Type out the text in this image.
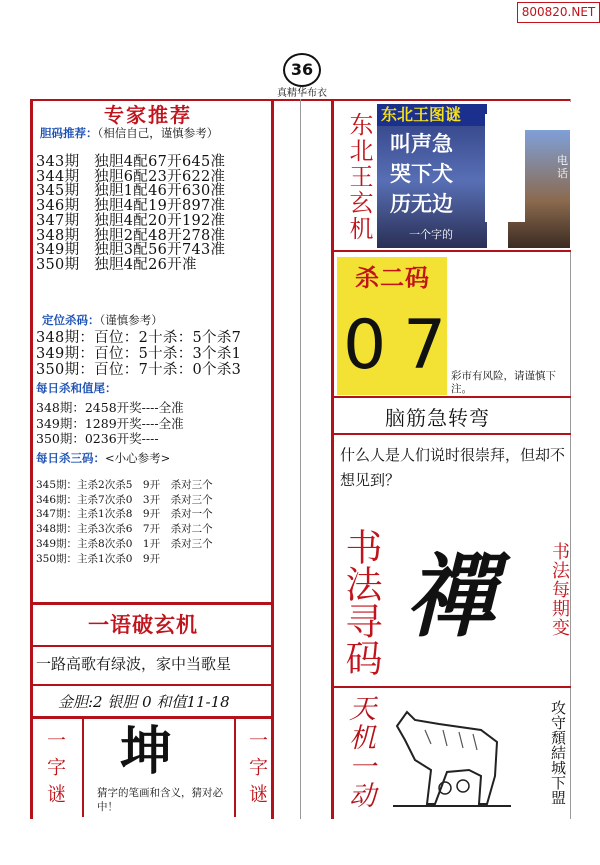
800820.NET
36
真精华布衣
专家推荐
胆码推荐：（相信自己，谨慎参考）
343期　独胆4配67开645准
344期　独胆6配23开622准
345期　独胆1配46开630准
346期　独胆4配19开897准
347期　独胆4配20开192准
348期　独胆2配48开278准
349期　独胆3配56开743准
350期　独胆4配26开准
定位杀码：（谨慎参考）
348期：百位：2十杀：5个杀7
349期：百位：5十杀：3个杀1
350期：百位：7十杀：0个杀3
每日杀和值尾：
348期：2458开奖----全准
349期：1289开奖----全准
350期：0236开奖----
每日杀三码：<小心参考>
345期：主杀2次杀5　9开　杀对三个
346期：主杀7次杀0　3开　杀对三个
347期：主杀1次杀8　9开　杀对一个
348期：主杀3次杀6　7开　杀对二个
349期：主杀8次杀0　1开　杀对三个
350期：主杀1次杀0　9开
一语破玄机
一路高歌有绿波，家中当歌星
金胆:2 银胆 0 和值11-18
一字谜 坤
猜字的笔画和含义，猜对必中！	一字谜
东北王玄机 东北王图谜
叫声急
哭下犬
历无边
一个字的
电话
杀二码
0 7 彩市有风险，请谨慎下注。
脑筋急转弯
什么人是人们说时很崇拜，但却不想见到？
书法寻码 禪	书法每期变
天机一动	攻守頹結城下盟
